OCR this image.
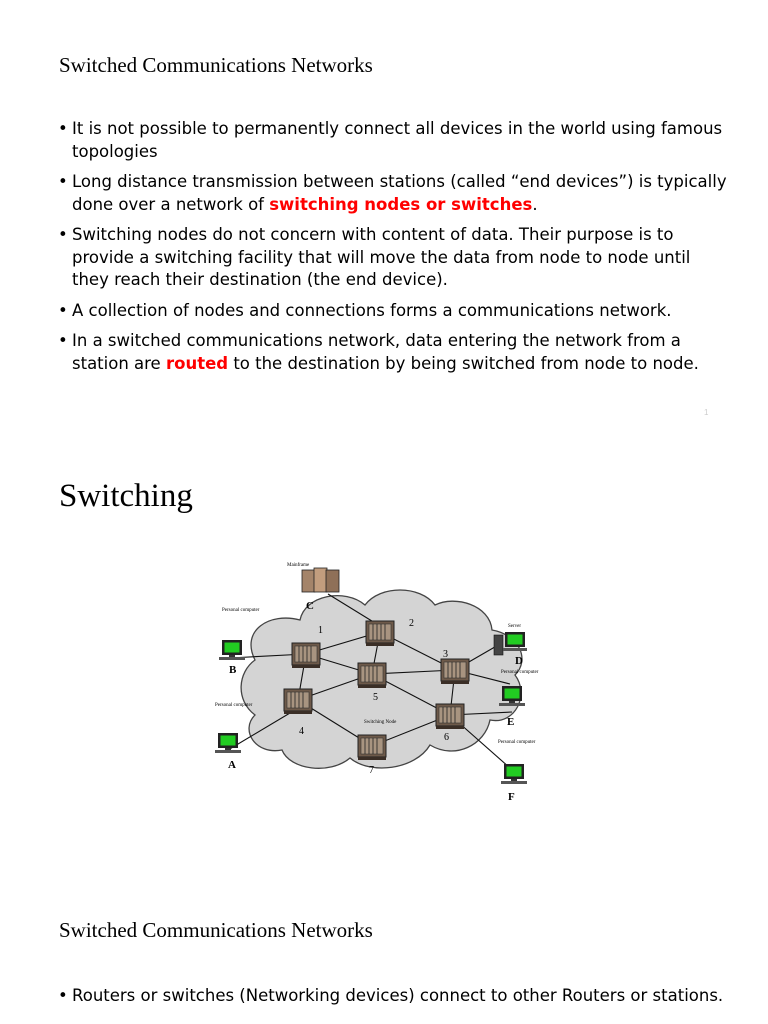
Switched Communications Networks
• It is not possible to permanently connect all devices in the world using famous topologies
• Long distance transmission between stations (called “end devices”) is typically done over a network of switching nodes or switches.
• Switching nodes do not concern with content of data. Their purpose is to provide a switching facility that will move the data from node to node until they reach their destination (the end device).
• A collection of nodes and connections forms a communications network.
• In a switched communications network, data entering the network from a station are routed to the destination by being switched from node to node.
1
Switching
1
2
3
4
5
6
7
Switching Node
Mainframe
C
Personal computer
B
Personal computer
A
Server
D
Personal computer
E
Personal computer
F
Switched Communications Networks
• Routers or switches (Networking devices) connect to other Routers or stations.
